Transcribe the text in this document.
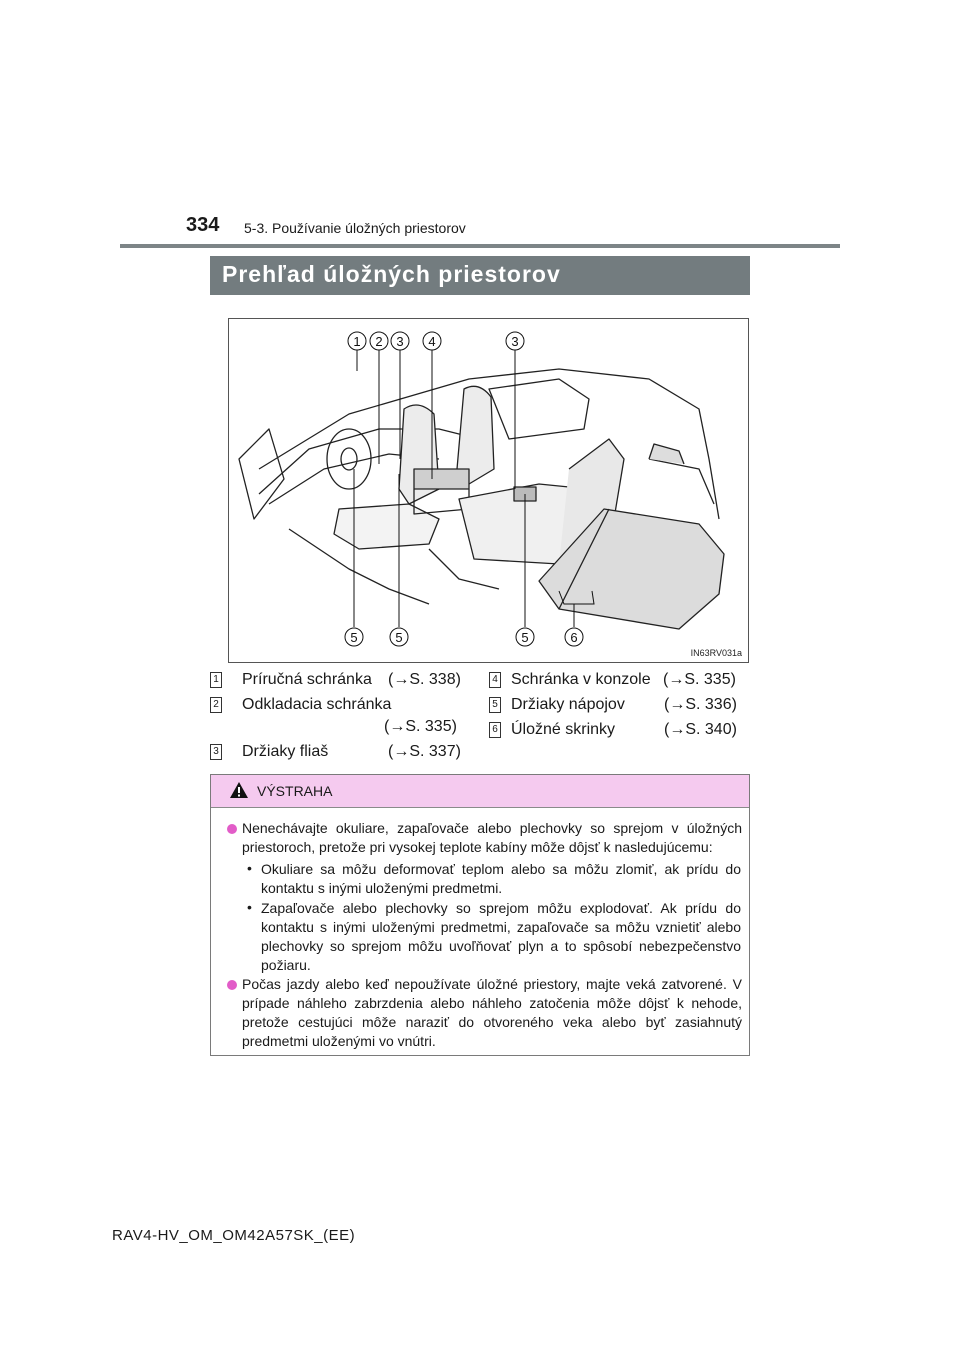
334 5-3. Používanie úložných priestorov
Prehľad úložných priestorov
1 2 3 4	3
5	5	5	6
IN63RV031a
1 Príručná schránka (→S. 338)
2 Odkladacia schránka
(→S. 335)
3 Držiaky fliaš	(→S. 337)
4 Schránka v konzole (→S. 335)
5 Držiaky nápojov (→S. 336)
6 Úložné skrinky	(→S. 340)
VÝSTRAHA
Nenechávajte okuliare, zapaľovače alebo plechovky so sprejom v úložných priestoroch, pretože pri vysokej teplote kabíny môže dôjsť k nasledujúcemu:
• Okuliare sa môžu deformovať teplom alebo sa môžu zlomiť, ak prídu do kontaktu s inými uloženými predmetmi.
• Zapaľovače alebo plechovky so sprejom môžu explodovať. Ak prídu do kontaktu s inými uloženými predmetmi, zapaľovače sa môžu vznietiť alebo plechovky so sprejom môžu uvoľňovať plyn a to spôsobí nebezpečenstvo požiaru.
Počas jazdy alebo keď nepoužívate úložné priestory, majte veká zatvorené. V prípade náhleho zabrzdenia alebo náhleho zatočenia môže dôjsť k nehode, pretože cestujúci môže naraziť do otvoreného veka alebo byť zasiahnutý predmetmi uloženými vo vnútri.
RAV4-HV_OM_OM42A57SK_(EE)
